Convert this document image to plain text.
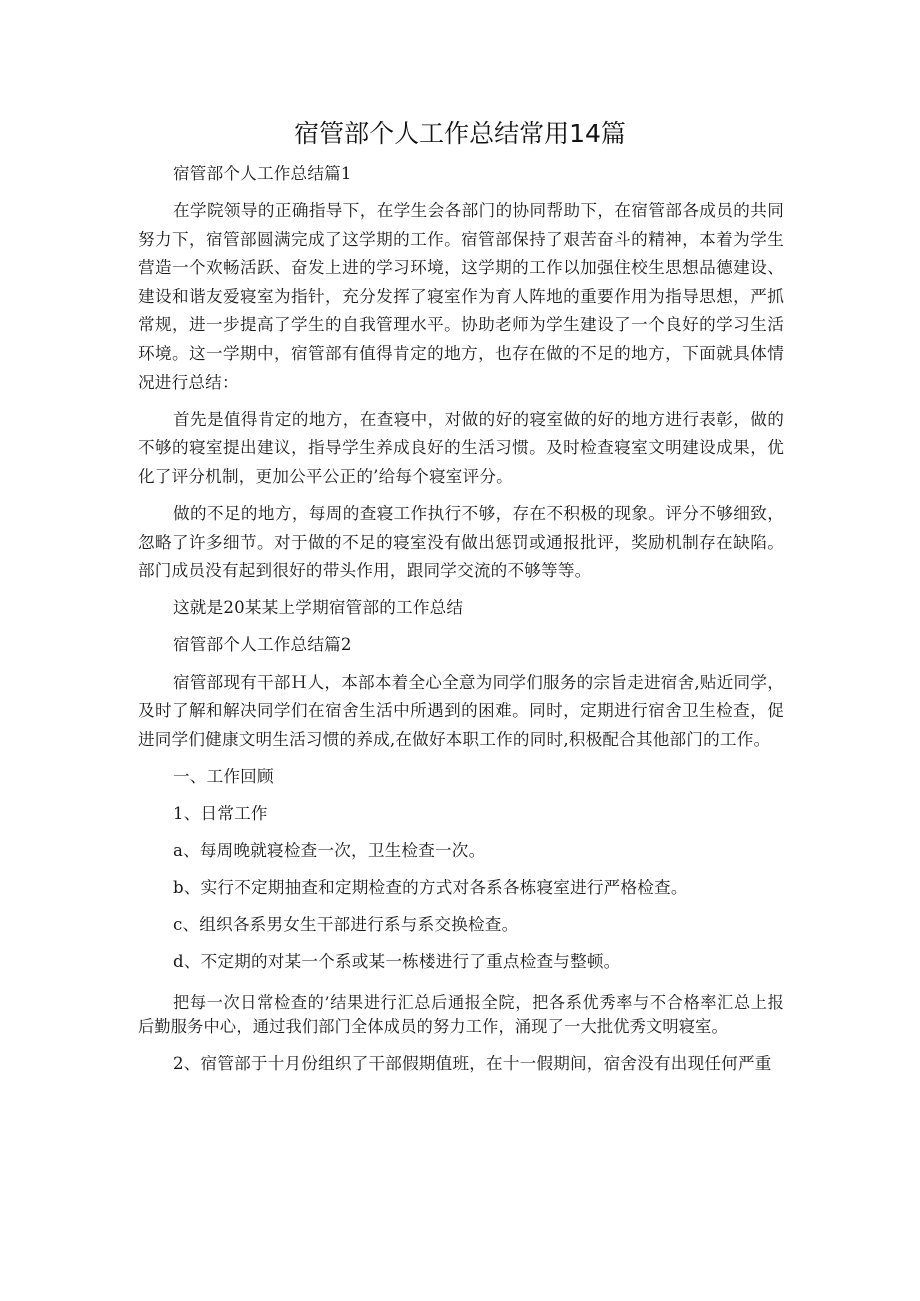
宿管部个人工作总结常用14篇

宿管部个人工作总结篇1

在学院领导的正确指导下，在学生会各部门的协同帮助下，在宿管部各成员的共同努力下，宿管部圆满完成了这学期的工作。宿管部保持了艰苦奋斗的精神，本着为学生营造一个欢畅活跃、奋发上进的学习环境，这学期的工作以加强住校生思想品德建设、建设和谐友爱寝室为指针，充分发挥了寝室作为育人阵地的重要作用为指导思想，严抓常规，进一步提高了学生的自我管理水平。协助老师为学生建设了一个良好的学习生活环境。这一学期中，宿管部有值得肯定的地方，也存在做的不足的地方，下面就具体情况进行总结：

首先是值得肯定的地方，在查寝中，对做的好的寝室做的好的地方进行表彰，做的不够的寝室提出建议，指导学生养成良好的生活习惯。及时检查寝室文明建设成果，优化了评分机制，更加公平公正的’给每个寝室评分。

做的不足的地方，每周的查寝工作执行不够，存在不积极的现象。评分不够细致，忽略了许多细节。对于做的不足的寝室没有做出惩罚或通报批评，奖励机制存在缺陷。部门成员没有起到很好的带头作用，跟同学交流的不够等等。

这就是20某某上学期宿管部的工作总结

宿管部个人工作总结篇2

宿管部现有干部Ｈ人，本部本着全心全意为同学们服务的宗旨走进宿舍,贴近同学，及时了解和解决同学们在宿舍生活中所遇到的困难。同时，定期进行宿舍卫生检查，促进同学们健康文明生活习惯的养成,在做好本职工作的同时,积极配合其他部门的工作。

一、工作回顾

1、日常工作

a、每周晚就寝检查一次，卫生检查一次。

b、实行不定期抽查和定期检查的方式对各系各栋寝室进行严格检查。

c、组织各系男女生干部进行系与系交换检查。

d、不定期的对某一个系或某一栋楼进行了重点检查与整顿。

把每一次日常检查的’结果进行汇总后通报全院，把各系优秀率与不合格率汇总上报后勤服务中心，通过我们部门全体成员的努力工作，涌现了一大批优秀文明寝室。

2、宿管部于十月份组织了干部假期值班，在十一假期间，宿舍没有出现任何严重
